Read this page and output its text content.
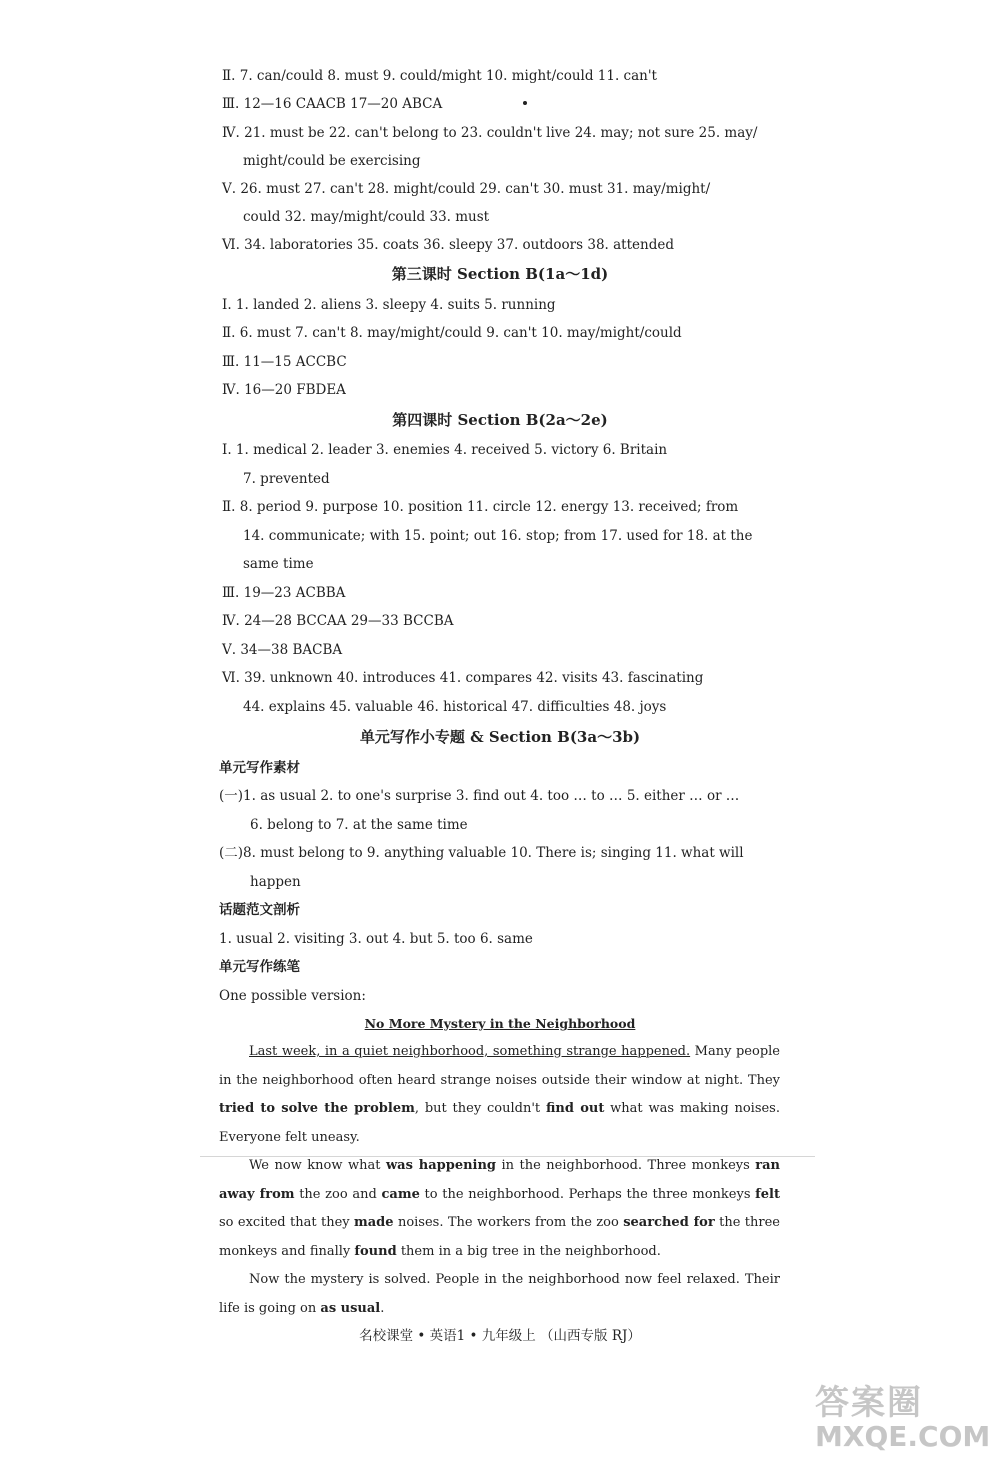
Ⅱ. 7. can/could 8. must 9. could/might 10. might/could 11. can't
Ⅲ. 12—16 CAACB 17—20 ABCA
Ⅳ. 21. must be 22. can't belong to 23. couldn't live 24. may; not sure 25. may/
might/could be exercising
Ⅴ. 26. must 27. can't 28. might/could 29. can't 30. must 31. may/might/
could 32. may/might/could 33. must
Ⅵ. 34. laboratories 35. coats 36. sleepy 37. outdoors 38. attended
第三课时 Section B(1a～1d)
Ⅰ. 1. landed 2. aliens 3. sleepy 4. suits 5. running
Ⅱ. 6. must 7. can't 8. may/might/could 9. can't 10. may/might/could
Ⅲ. 11—15 ACCBC
Ⅳ. 16—20 FBDEA
第四课时 Section B(2a～2e)
Ⅰ. 1. medical 2. leader 3. enemies 4. received 5. victory 6. Britain
7. prevented
Ⅱ. 8. period 9. purpose 10. position 11. circle 12. energy 13. received; from
14. communicate; with 15. point; out 16. stop; from 17. used for 18. at the
same time
Ⅲ. 19—23 ACBBA
Ⅳ. 24—28 BCCAA 29—33 BCCBA
Ⅴ. 34—38 BACBA
Ⅵ. 39. unknown 40. introduces 41. compares 42. visits 43. fascinating
44. explains 45. valuable 46. historical 47. difficulties 48. joys
单元写作小专题 & Section B(3a～3b)
单元写作素材
(一)1. as usual 2. to one's surprise 3. find out 4. too … to … 5. either … or …
6. belong to 7. at the same time
(二)8. must belong to 9. anything valuable 10. There is; singing 11. what will
happen
话题范文剖析
1. usual 2. visiting 3. out 4. but 5. too 6. same
单元写作练笔
One possible version:
No More Mystery in the Neighborhood
Last week, in a quiet neighborhood, something strange happened. Many people in the neighborhood often heard strange noises outside their window at night. They tried to solve the problem, but they couldn't find out what was making noises. Everyone felt uneasy.
We now know what was happening in the neighborhood. Three monkeys ran away from the zoo and came to the neighborhood. Perhaps the three monkeys felt so excited that they made noises. The workers from the zoo searched for the three monkeys and finally found them in a big tree in the neighborhood.
Now the mystery is solved. People in the neighborhood now feel relaxed. Their life is going on as usual.
名校课堂 • 英语1 • 九年级上 （山西专版 RJ）
答案圈
MXQE.COM
